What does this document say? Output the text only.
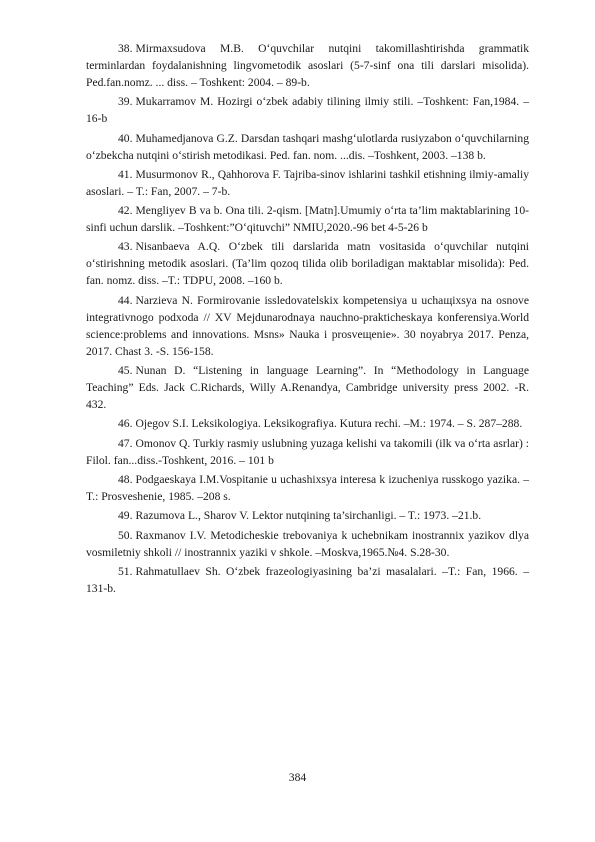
38. Mirmaxsudova M.B. O‘quvchilar nutqini takomillashtirishda grammatik terminlardan foydalanishning lingvometodik asoslari (5-7-sinf ona tili darslari misolida). Ped.fan.nomz. ... diss. – Toshkent: 2004. – 89-b.
39. Mukarramov M. Hozirgi o‘zbek adabiy tilining ilmiy stili. –Toshkent: Fan,1984. –16-b
40. Muhamedjanova G.Z. Darsdan tashqari mashg‘ulotlarda rusiyzabon o‘quvchilarning o‘zbekcha nutqini o‘stirish metodikasi. Ped. fan. nom. ...dis. –Toshkent, 2003. –138 b.
41. Musurmonov R., Qahhorova F. Tajriba-sinov ishlarini tashkil etishning ilmiy-amaliy asoslari. – T.: Fan, 2007. – 7-b.
42. Mengliyev B va b. Ona tili. 2-qism. [Matn].Umumiy o‘rta ta’lim maktablarining 10- sinfi uchun darslik. –Toshkent:”O‘qituvchi” NMIU,2020.-96 bet 4-5-26 b
43. Nisanbaeva A.Q. O‘zbek tili darslarida matn vositasida o‘quvchilar nutqini o‘stirishning metodik asoslari. (Ta’lim qozoq tilida olib boriladigan maktablar misolida): Ped. fan. nomz. diss. –T.: TDPU, 2008. –160 b.
44. Narzieva N. Formirovanie issledovatelskix kompetensiya u uchaщixsya na osnove integrativnogo podxoda // XV Mejdunarodnaya nauchno-prakticheskaya konferensiya.World science:problems and innovations. Msns» Nauka i prosveщenie». 30 noyabrya 2017. Penza, 2017. Chast 3. -S. 156-158.
45. Nunan D. “Listening in language Learning”. In “Methodology in Language Teaching” Eds. Jack C.Richards, Willy A.Renandya, Cambridge university press 2002. -R. 432.
46. Ojegov S.I. Leksikologiya. Leksikografiya. Kutura rechi. –M.: 1974. – S. 287–288.
47. Omonov Q. Turkiy rasmiy uslubning yuzaga kelishi va takomili (ilk va o‘rta asrlar) : Filol. fan...diss.-Toshkent, 2016. – 101 b
48. Podgaeskaya I.M.Vospitanie u uchashixsya interesa k izucheniya russkogo yazika. –T.: Prosveshenie, 1985. –208 s.
49. Razumova L., Sharov V. Lektor nutqining ta’sirchanligi. – T.: 1973. –21.b.
50. Raxmanov I.V. Metodicheskie trebovaniya k uchebnikam inostrannix yazikov dlya vosmiletniy shkoli // inostrannix yaziki v shkole. –Moskva,1965.№4. S.28-30.
51. Rahmatullaev Sh. O‘zbek frazeologiyasining ba’zi masalalari. –T.: Fan, 1966. – 131-b.
384
